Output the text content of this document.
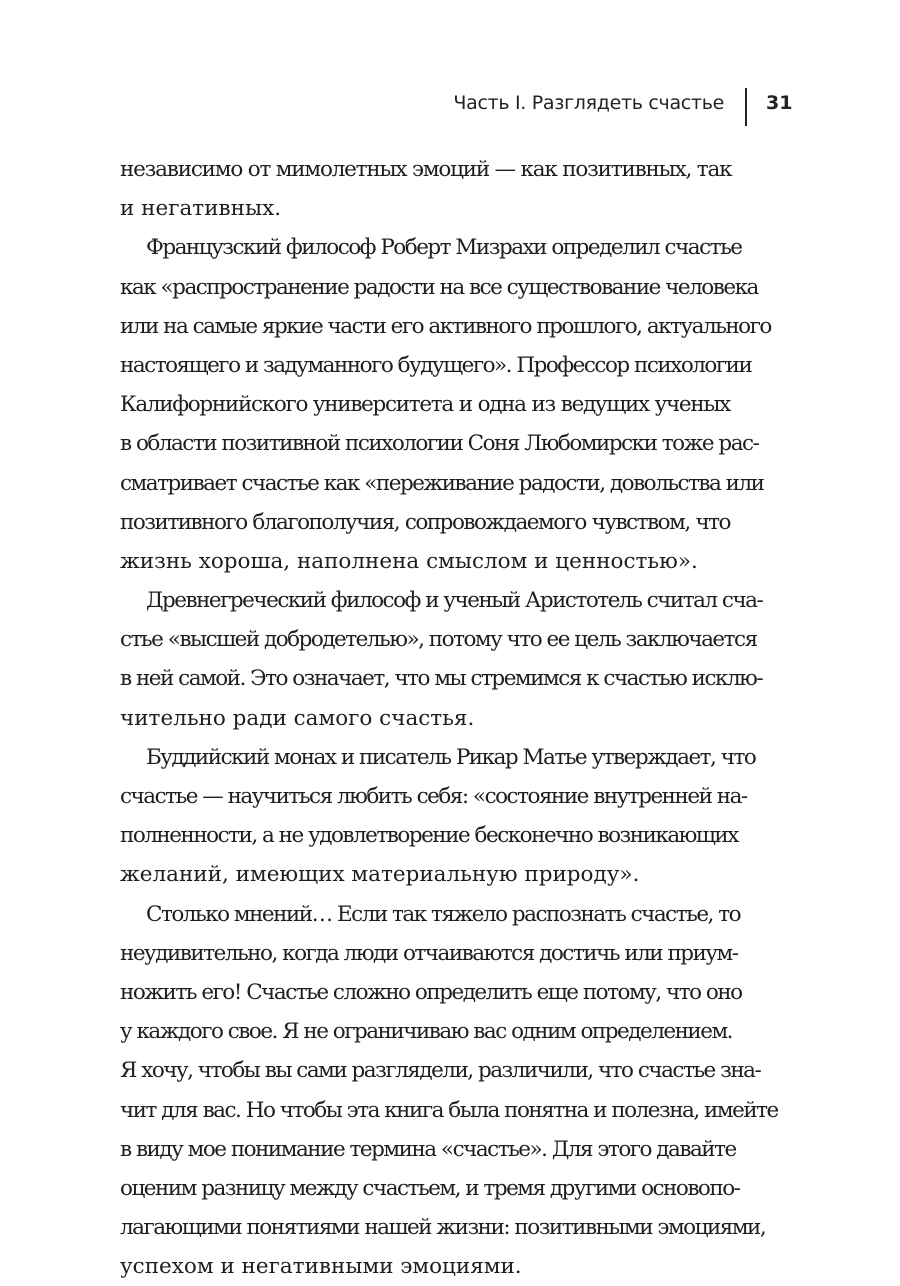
Часть I. Разглядеть счастье 31
независимо от мимолетных эмоций — как позитивных, так
и негативных.
Французский философ Роберт Мизрахи определил счастье
как «распространение радости на все существование человека
или на самые яркие части его активного прошлого, актуального
настоящего и задуманного будущего». Профессор психологии
Калифорнийского университета и одна из ведущих ученых
в области позитивной психологии Соня Любомирски тоже рас-
сматривает счастье как «переживание радости, довольства или
позитивного благополучия, сопровождаемого чувством, что
жизнь хороша, наполнена смыслом и ценностью».
Древнегреческий философ и ученый Аристотель считал сча-
стье «высшей добродетелью», потому что ее цель заключается
в ней самой. Это означает, что мы стремимся к счастью исклю-
чительно ради самого счастья.
Буддийский монах и писатель Рикар Матье утверждает, что
счастье — научиться любить себя: «состояние внутренней на-
полненности, а не удовлетворение бесконечно возникающих
желаний, имеющих материальную природу».
Столько мнений… Если так тяжело распознать счастье, то
неудивительно, когда люди отчаиваются достичь или приум-
ножить его! Счастье сложно определить еще потому, что оно
у каждого свое. Я не ограничиваю вас одним определением.
Я хочу, чтобы вы сами разглядели, различили, что счастье зна-
чит для вас. Но чтобы эта книга была понятна и полезна, имейте
в виду мое понимание термина «счастье». Для этого давайте
оценим разницу между счастьем, и тремя другими основопо-
лагающими понятиями нашей жизни: позитивными эмоциями,
успехом и негативными эмоциями.
